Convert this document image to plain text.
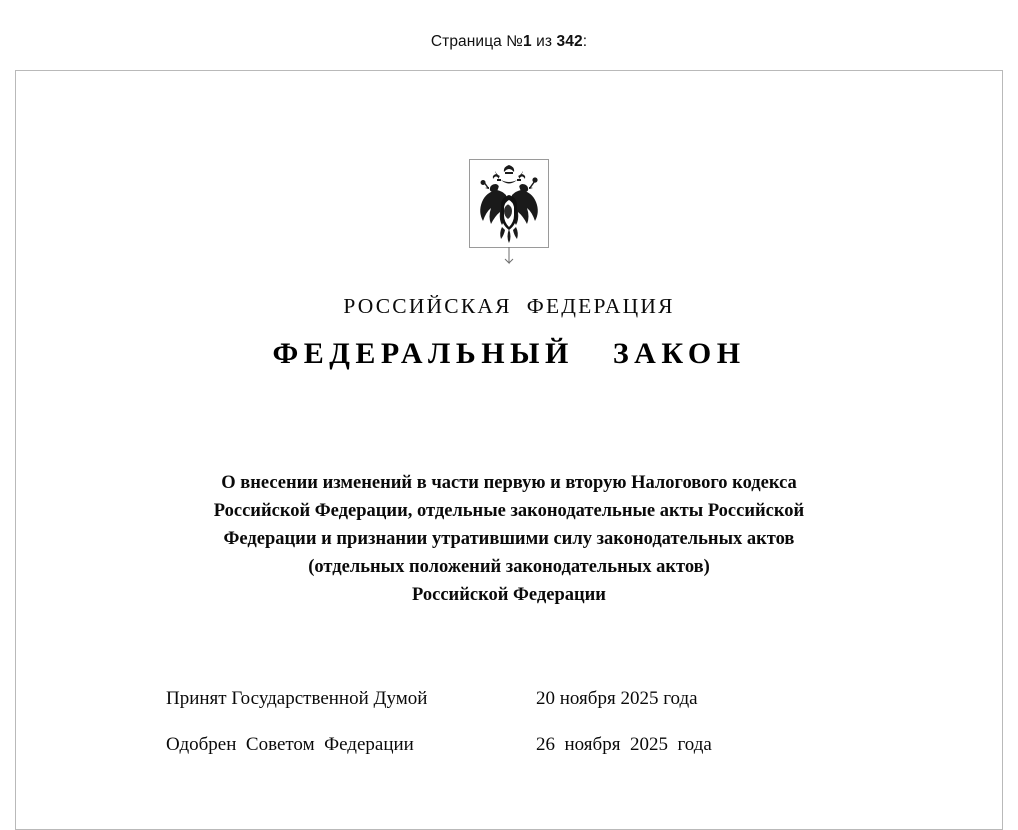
Страница №1 из 342:
РОССИЙСКАЯ  ФЕДЕРАЦИЯ
ФЕДЕРАЛЬНЫЙ   ЗАКОН
О внесении изменений в части первую и вторую Налогового кодекса
Российской Федерации, отдельные законодательные акты Российской
Федерации и признании утратившими силу законодательных актов
(отдельных положений законодательных актов)
Российской Федерации
Принят Государственной Думой	20 ноября 2025 года
Одобрен  Советом  Федерации	26  ноября  2025  года
